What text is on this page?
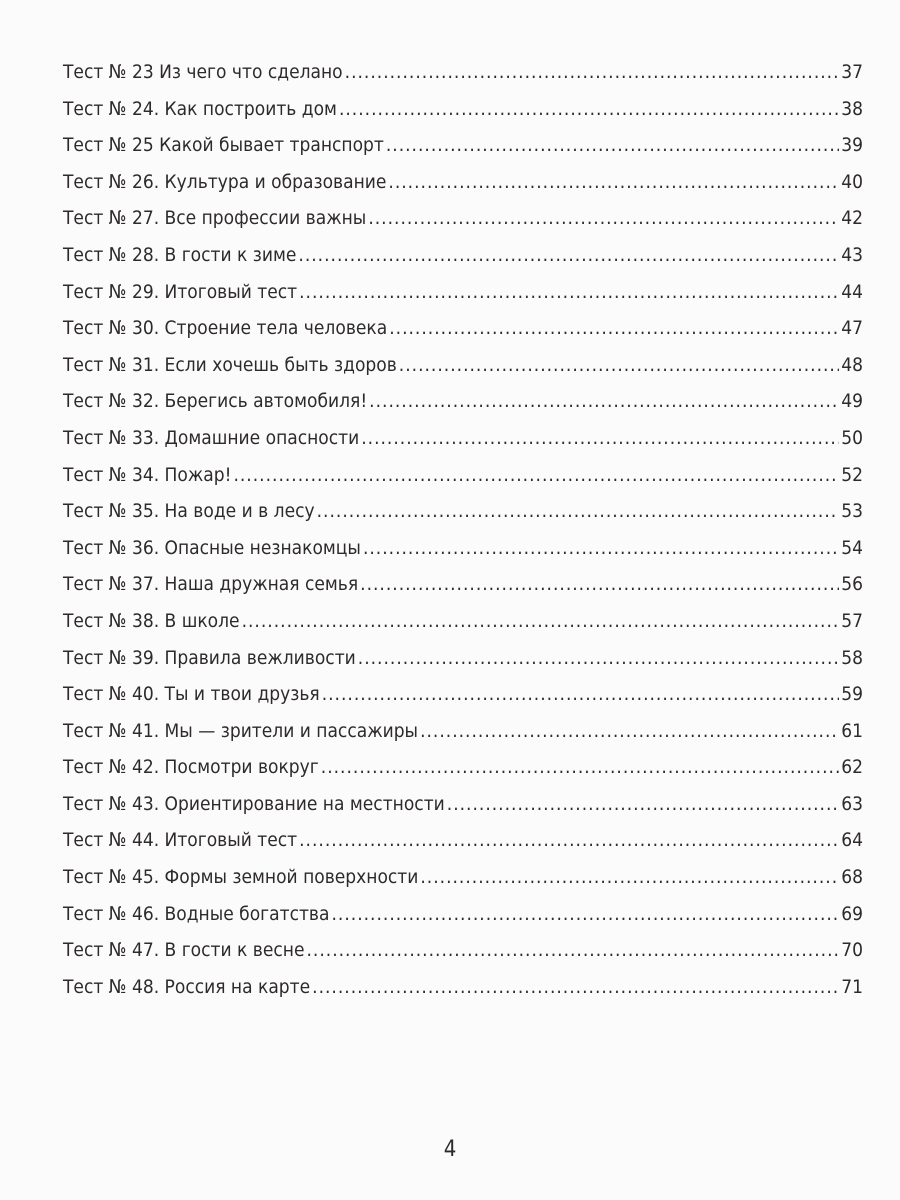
Тест № 23 Из чего что сделано .....	37
Тест № 24. Как построить дом .....	38
Тест № 25 Какой бывает транспорт .....	39
Тест № 26. Культура и образование .....	40
Тест № 27. Все профессии важны .....	42
Тест № 28. В гости к зиме .....	43
Тест № 29. Итоговый тест .....	44
Тест № 30. Строение тела человека .....	47
Тест № 31. Если хочешь быть здоров .....	48
Тест № 32. Берегись автомобиля! .....	49
Тест № 33. Домашние опасности .....	50
Тест № 34. Пожар! .....	52
Тест № 35. На воде и в лесу .....	53
Тест № 36. Опасные незнакомцы .....	54
Тест № 37. Наша дружная семья .....	56
Тест № 38. В школе .....	57
Тест № 39. Правила вежливости .....	58
Тест № 40. Ты и твои друзья .....	59
Тест № 41. Мы — зрители и пассажиры .....	61
Тест № 42. Посмотри вокруг .....	62
Тест № 43. Ориентирование на местности .....	63
Тест № 44. Итоговый тест .....	64
Тест № 45. Формы земной поверхности .....	68
Тест № 46. Водные богатства .....	69
Тест № 47. В гости к весне .....	70
Тест № 48. Россия на карте .....	71
4
